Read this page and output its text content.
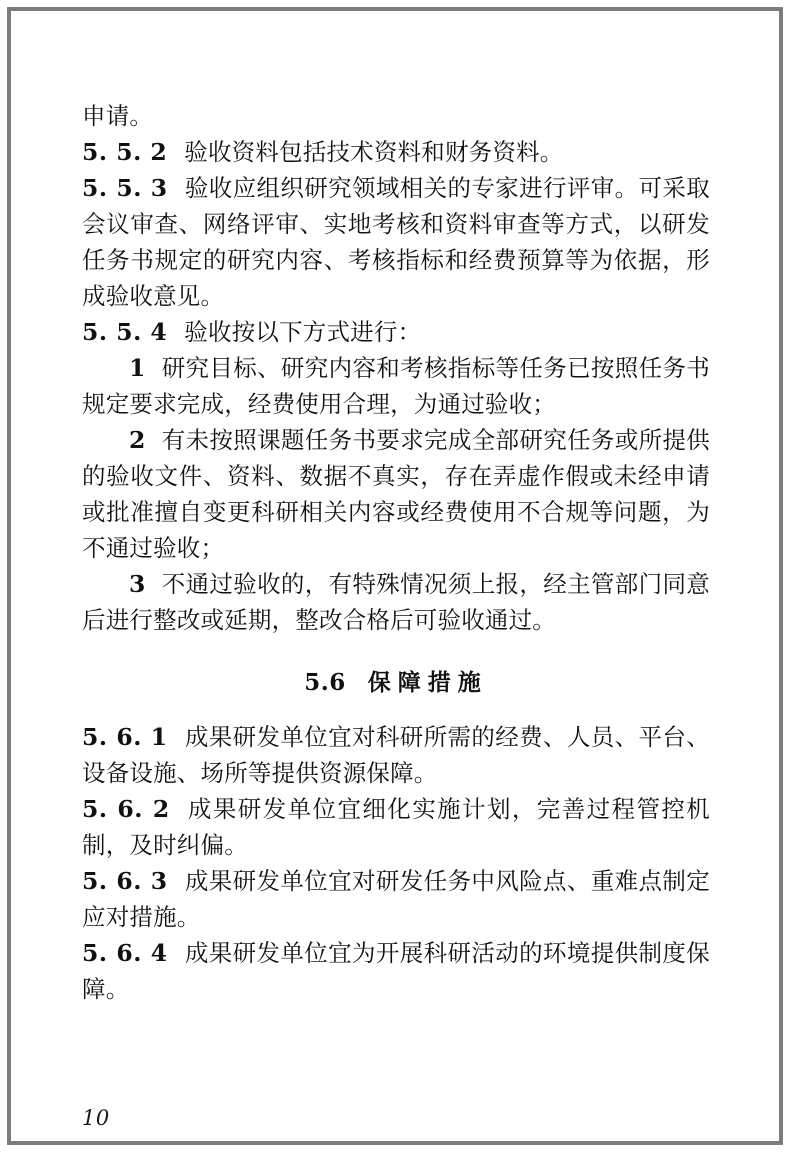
申请。

5. 5. 2 验收资料包括技术资料和财务资料。

5. 5. 3 验收应组织研究领域相关的专家进行评审。可采取会议审查、网络评审、实地考核和资料审查等方式，以研发任务书规定的研究内容、考核指标和经费预算等为依据，形成验收意见。

5. 5. 4 验收按以下方式进行：

1 研究目标、研究内容和考核指标等任务已按照任务书规定要求完成，经费使用合理，为通过验收；

2 有未按照课题任务书要求完成全部研究任务或所提供的验收文件、资料、数据不真实，存在弄虚作假或未经申请或批准擅自变更科研相关内容或经费使用不合规等问题，为不通过验收；

3 不通过验收的，有特殊情况须上报，经主管部门同意后进行整改或延期，整改合格后可验收通过。

5.6 保障措施

5. 6. 1 成果研发单位宜对科研所需的经费、人员、平台、设备设施、场所等提供资源保障。

5. 6. 2 成果研发单位宜细化实施计划，完善过程管控机制，及时纠偏。

5. 6. 3 成果研发单位宜对研发任务中风险点、重难点制定应对措施。

5. 6. 4 成果研发单位宜为开展科研活动的环境提供制度保障。

10
